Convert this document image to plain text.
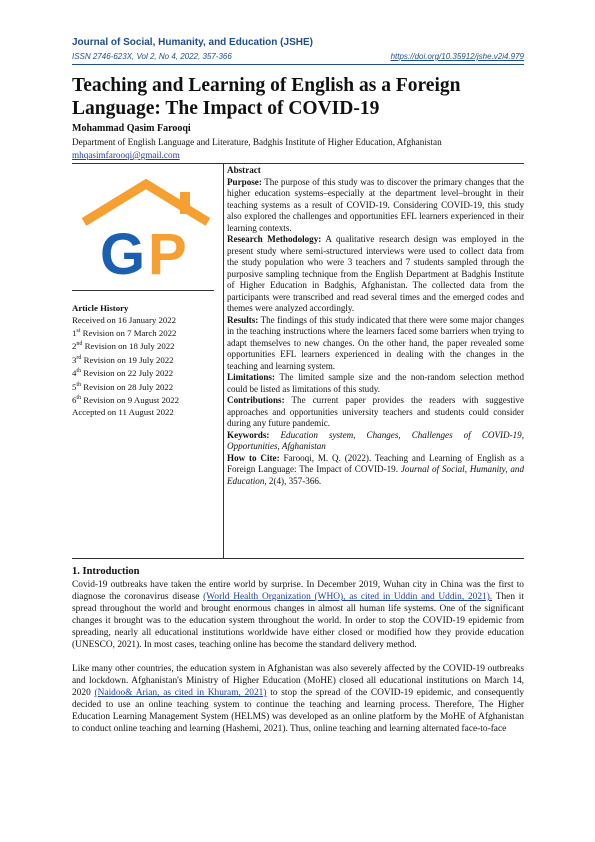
Journal of Social, Humanity, and Education (JSHE)
ISSN 2746-623X, Vol 2, No 4, 2022, 357-366	https://doi.org/10.35912/jshe.v2i4.979
Teaching and Learning of English as a Foreign Language: The Impact of COVID-19
Mohammad Qasim Farooqi
Department of English Language and Literature, Badghis Institute of Higher Education, Afghanistan
mhqasimfarooqi@gmail.com
G P
Article History
Received on 16 January 2022
1st Revision on 7 March 2022
2nd Revision on 18 July 2022
3rd Revision on 19 July 2022
4th Revision on 22 July 2022
5th Revision on 28 July 2022
6th Revision on 9 August 2022
Accepted on 11 August 2022

Abstract

Purpose: The purpose of this study was to discover the primary changes that the higher education systems–especially at the department level–brought in their teaching systems as a result of COVID-19. Considering COVID-19, this study also explored the challenges and opportunities EFL learners experienced in their learning contexts.

Research Methodology: A qualitative research design was employed in the present study where semi-structured interviews were used to collect data from the study population who were 3 teachers and 7 students sampled through the purposive sampling technique from the English Department at Badghis Institute of Higher Education in Badghis, Afghanistan. The collected data from the participants were transcribed and read several times and the emerged codes and themes were analyzed accordingly.

Results: The findings of this study indicated that there were some major changes in the teaching instructions where the learners faced some barriers when trying to adapt themselves to new changes. On the other hand, the paper revealed some opportunities EFL learners experienced in dealing with the changes in the teaching and learning system.

Limitations: The limited sample size and the non-random selection method could be listed as limitations of this study.

Contributions: The current paper provides the readers with suggestive approaches and opportunities university teachers and students could consider during any future pandemic.

Keywords: Education system, Changes, Challenges of COVID-19, Opportunities, Afghanistan

How to Cite: Farooqi, M. Q. (2022). Teaching and Learning of English as a Foreign Language: The Impact of COVID-19. Journal of Social, Humanity, and Education, 2(4), 357-366.

1. Introduction

Covid-19 outbreaks have taken the entire world by surprise. In December 2019, Wuhan city in China was the first to diagnose the coronavirus disease (World Health Organization (WHO), as cited in Uddin and Uddin, 2021). Then it spread throughout the world and brought enormous changes in almost all human life systems. One of the significant changes it brought was to the education system throughout the world. In order to stop the COVID-19 epidemic from spreading, nearly all educational institutions worldwide have either closed or modified how they provide education (UNESCO, 2021). In most cases, teaching online has become the standard delivery method.

Like many other countries, the education system in Afghanistan was also severely affected by the COVID-19 outbreaks and lockdown. Afghanistan's Ministry of Higher Education (MoHE) closed all educational institutions on March 14, 2020 (Naidoo& Arian, as cited in Khuram, 2021) to stop the spread of the COVID-19 epidemic, and consequently decided to use an online teaching system to continue the teaching and learning process. Therefore, The Higher Education Learning Management System (HELMS) was developed as an online platform by the MoHE of Afghanistan to conduct online teaching and learning (Hashemi, 2021). Thus, online teaching and learning alternated face-to-face
